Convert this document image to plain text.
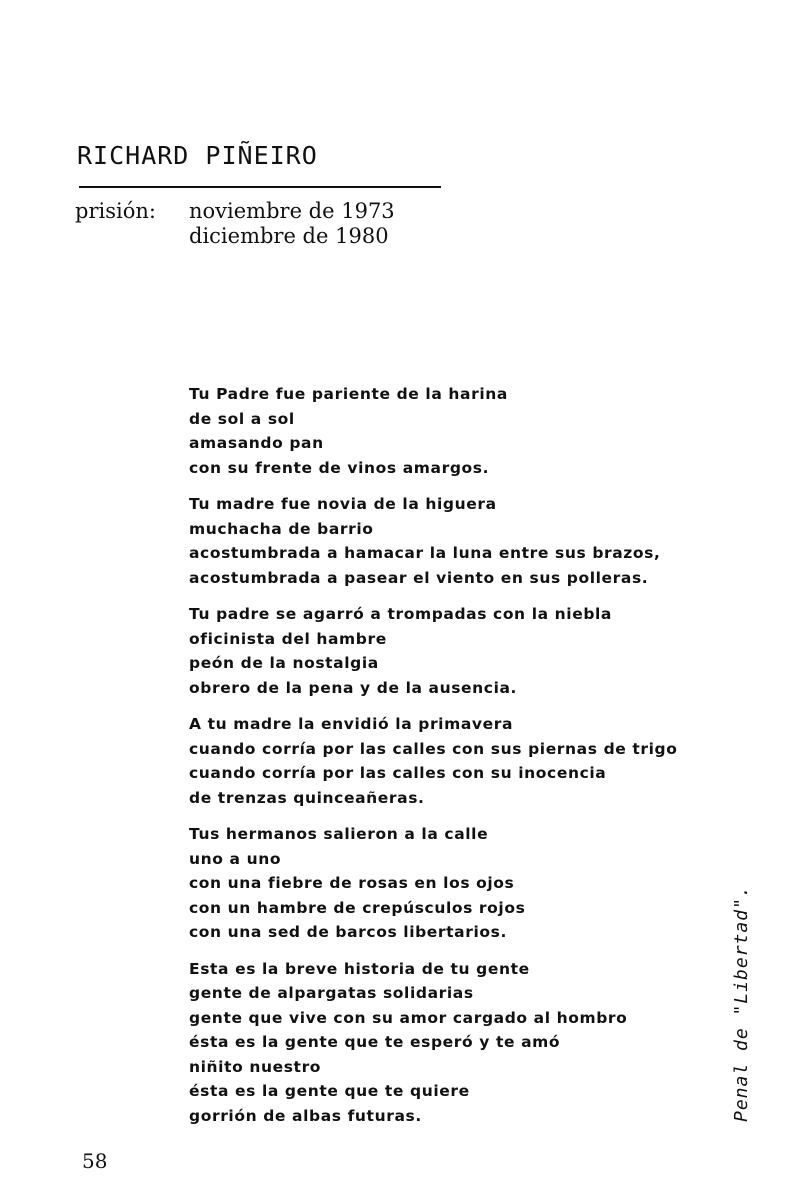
RICHARD PIÑEIRO
prisión:	noviembre de 1973
diciembre de 1980
Tu Padre fue pariente de la harina
de sol a sol
amasando pan
con su frente de vinos amargos.
Tu madre fue novia de la higuera
muchacha de barrio
acostumbrada a hamacar la luna entre sus brazos,
acostumbrada a pasear el viento en sus polleras.
Tu padre se agarró a trompadas con la niebla
oficinista del hambre
peón de la nostalgia
obrero de la pena y de la ausencia.
A tu madre la envidió la primavera
cuando corría por las calles con sus piernas de trigo
cuando corría por las calles con su inocencia
de trenzas quinceañeras.
Tus hermanos salieron a la calle
uno a uno
con una fiebre de rosas en los ojos
con un hambre de crepúsculos rojos
con una sed de barcos libertarios.
Esta es la breve historia de tu gente
gente de alpargatas solidarias
gente que vive con su amor cargado al hombro
ésta es la gente que te esperó y te amó
niñito nuestro
ésta es la gente que te quiere
gorrión de albas futuras.	Penal de "Libertad".
58
